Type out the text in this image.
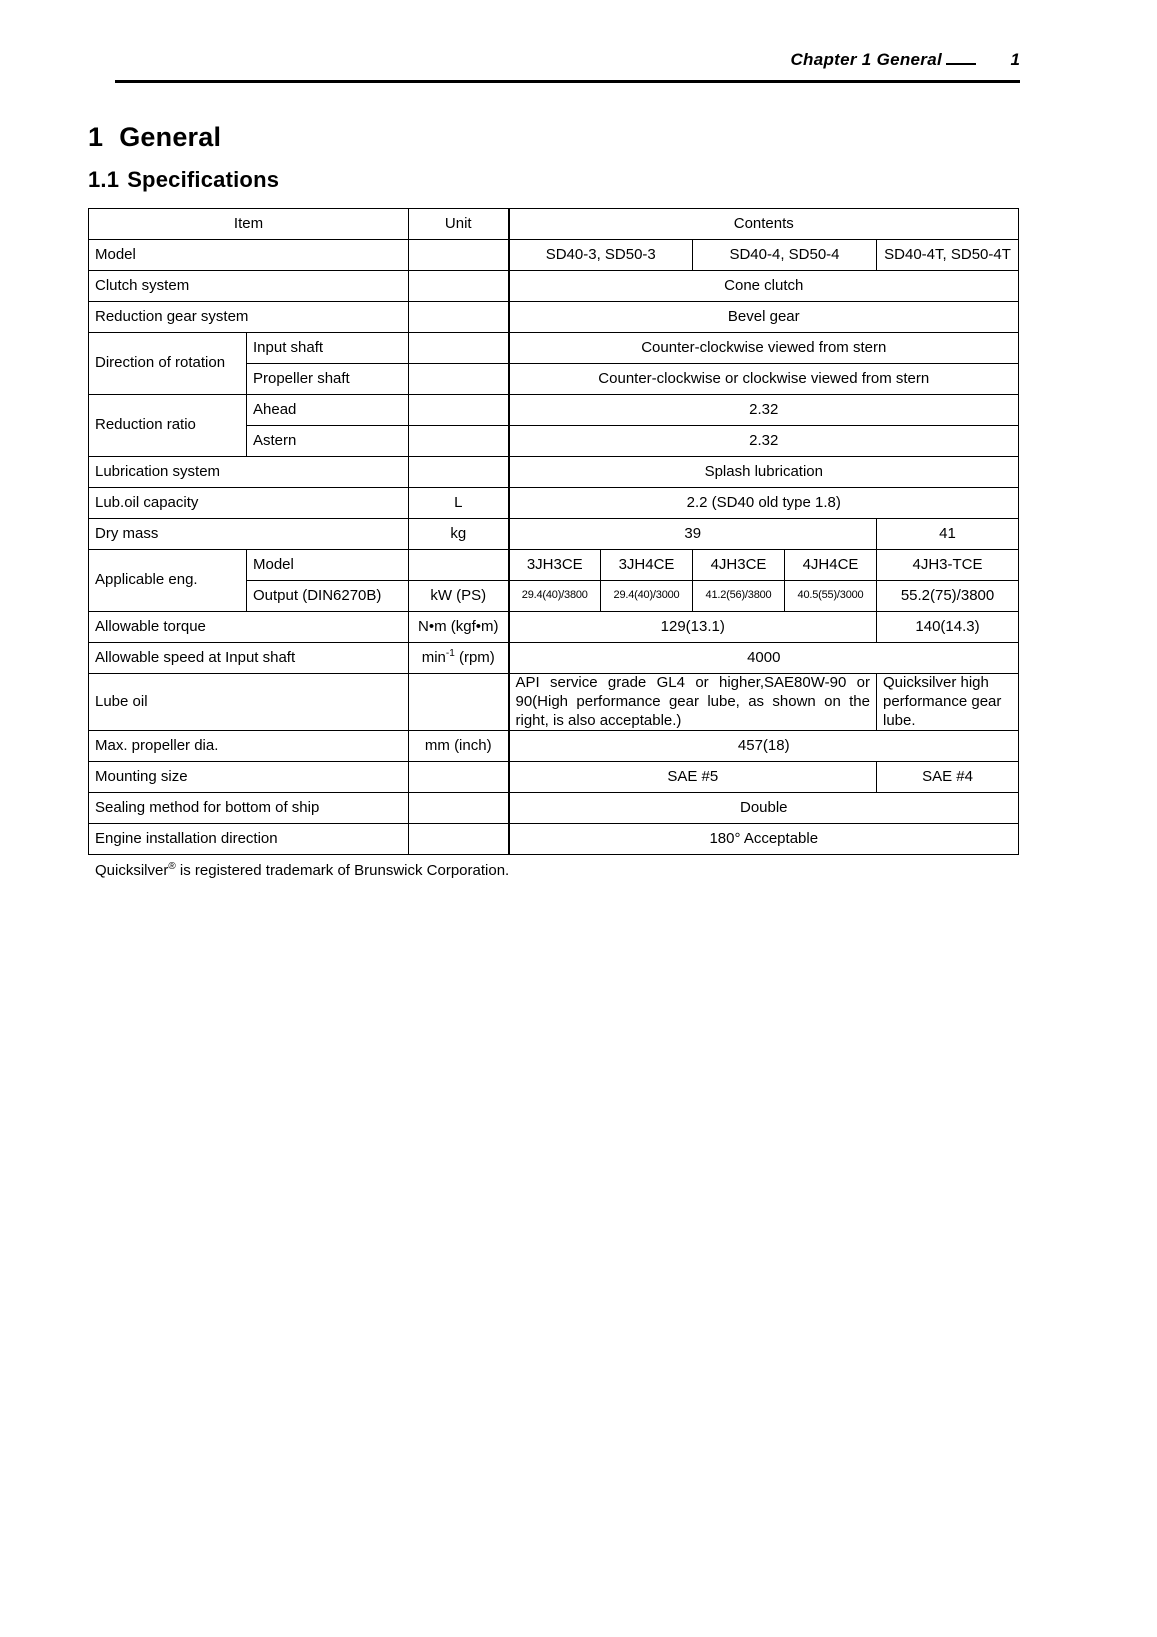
Chapter 1 General	1
1 General
1.1 Specifications
Item		Unit	Contents				
Model			SD40-3, SD50-3		SD40-4, SD50-4		SD40-4T, SD50-4T
Clutch system			Cone clutch				
Reduction gear system			Bevel gear				
Direction of rotation	Input shaft		Counter-clockwise viewed from stern				
	Propeller shaft		Counter-clockwise or clockwise viewed from stern				
Reduction ratio	Ahead		2.32				
	Astern		2.32				
Lubrication system			Splash lubrication				
Lub.oil capacity		L	2.2 (SD40 old type 1.8)				
Dry mass		kg	39				41
Applicable eng.	Model		3JH3CE	3JH4CE	4JH3CE	4JH4CE	4JH3-TCE
	Output (DIN6270B)	kW (PS)	29.4(40)/3800	29.4(40)/3000	41.2(56)/3800	40.5(55)/3000	55.2(75)/3800
Allowable torque		N•m (kgf•m)	129(13.1)				140(14.3)
Allowable speed at Input shaft		$\min^{-1} (rpm)$	4000				
Lube oil			API service grade GL4 or higher,SAE80W-90 or 90(High performance gear lube, as shown on the right, is also acceptable.)				Quicksilver high performance gear lube.
Max. propeller dia.		mm (inch)	457(18)				
Mounting size			SAE #5				SAE #4
Sealing method for bottom of ship			Double				
Engine installation direction			180° Acceptable				
Quicksilver® is registered trademark of Brunswick Corporation.
